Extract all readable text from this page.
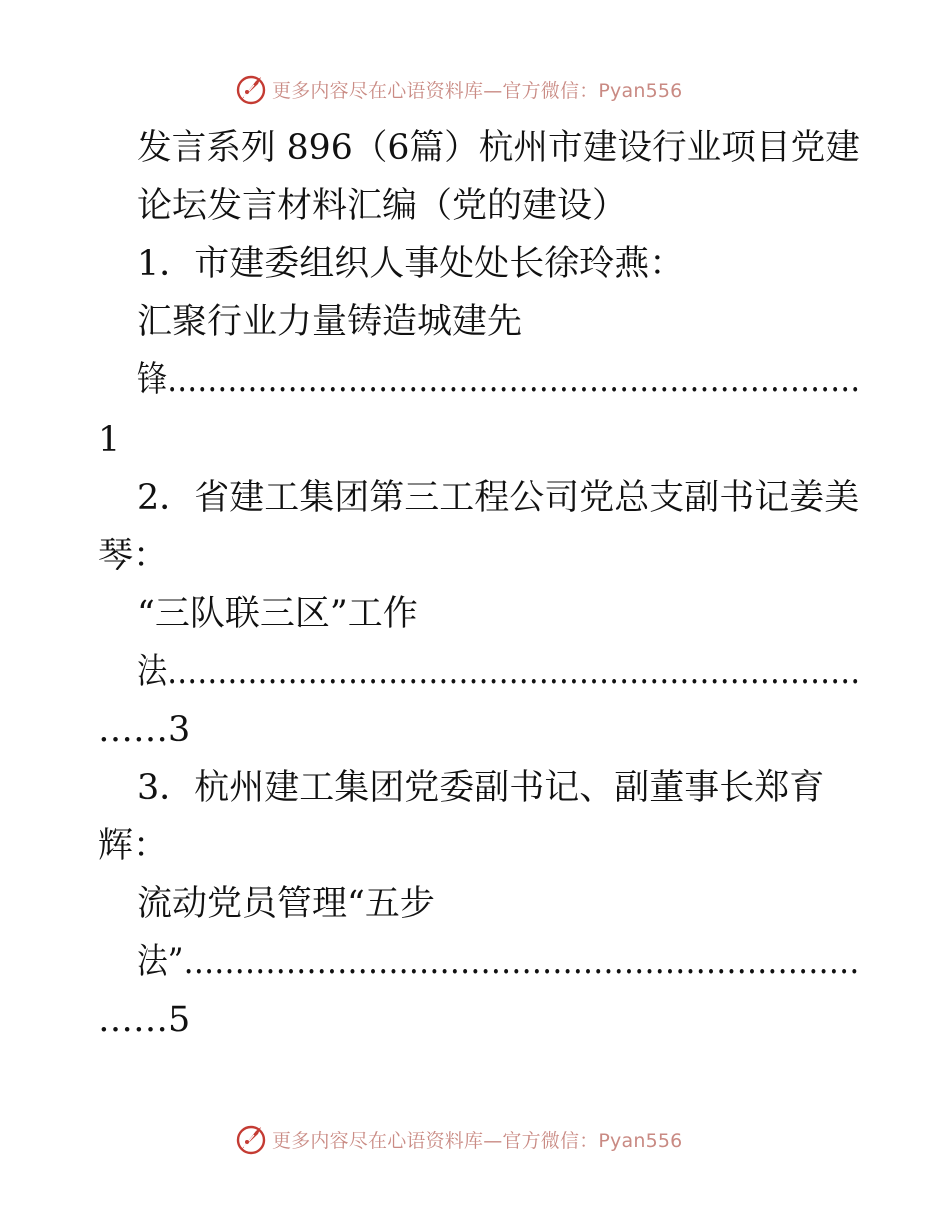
更多内容尽在心语资料库—官方微信：Pyan556
发言系列 896（6篇）杭州市建设行业项目党建
论坛发言材料汇编（党的建设）
1．市建委组织人事处处长徐玲燕：
汇聚行业力量铸造城建先
锋……………………………………………………………
1
2．省建工集团第三工程公司党总支副书记姜美
琴：
“三队联三区”工作
法……………………………………………………………
……3
3．杭州建工集团党委副书记、副董事长郑育
辉：
流动党员管理“五步
法”…………………………………………………………
……5
更多内容尽在心语资料库—官方微信：Pyan556
